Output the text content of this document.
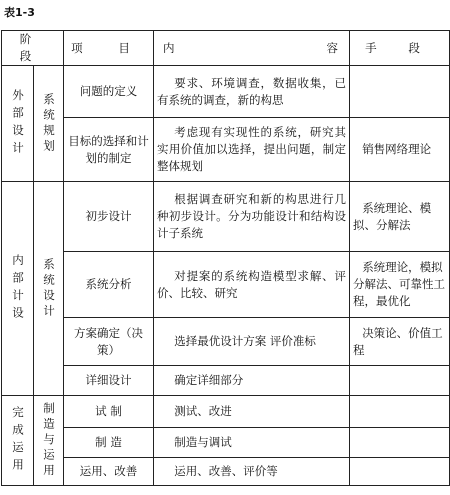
表1-3
阶 段		项 目	内 容	手 段

外部设计	系统规划	问题的定义	要求、环境调查，数据收集，已有系统的调查，新的构思	
		目标的选择和计划的制定	考虑现有实现性的系统，研究其实用价值加以选择，提出问题，制定整体规划	销售网络理论

内部计设	系统设计	初步设计	根据调查研究和新的构思进行几种初步设计。分为功能设计和结构设计子系统	系统理论、模拟、分解法
		系统分析	对提案的系统构造模型求解、评价、比较、研究	系统理论，模拟分解法、可靠性工程，最优化
		方案确定（决策）	选择最优设计方案 评价准标	决策论、价值工程
		详细设计	确定详细部分	

完成运用	制造与运用	试 制	测试、改进	
		制 造	制造与调试	
		运用、改善	运用、改善、评价等	
